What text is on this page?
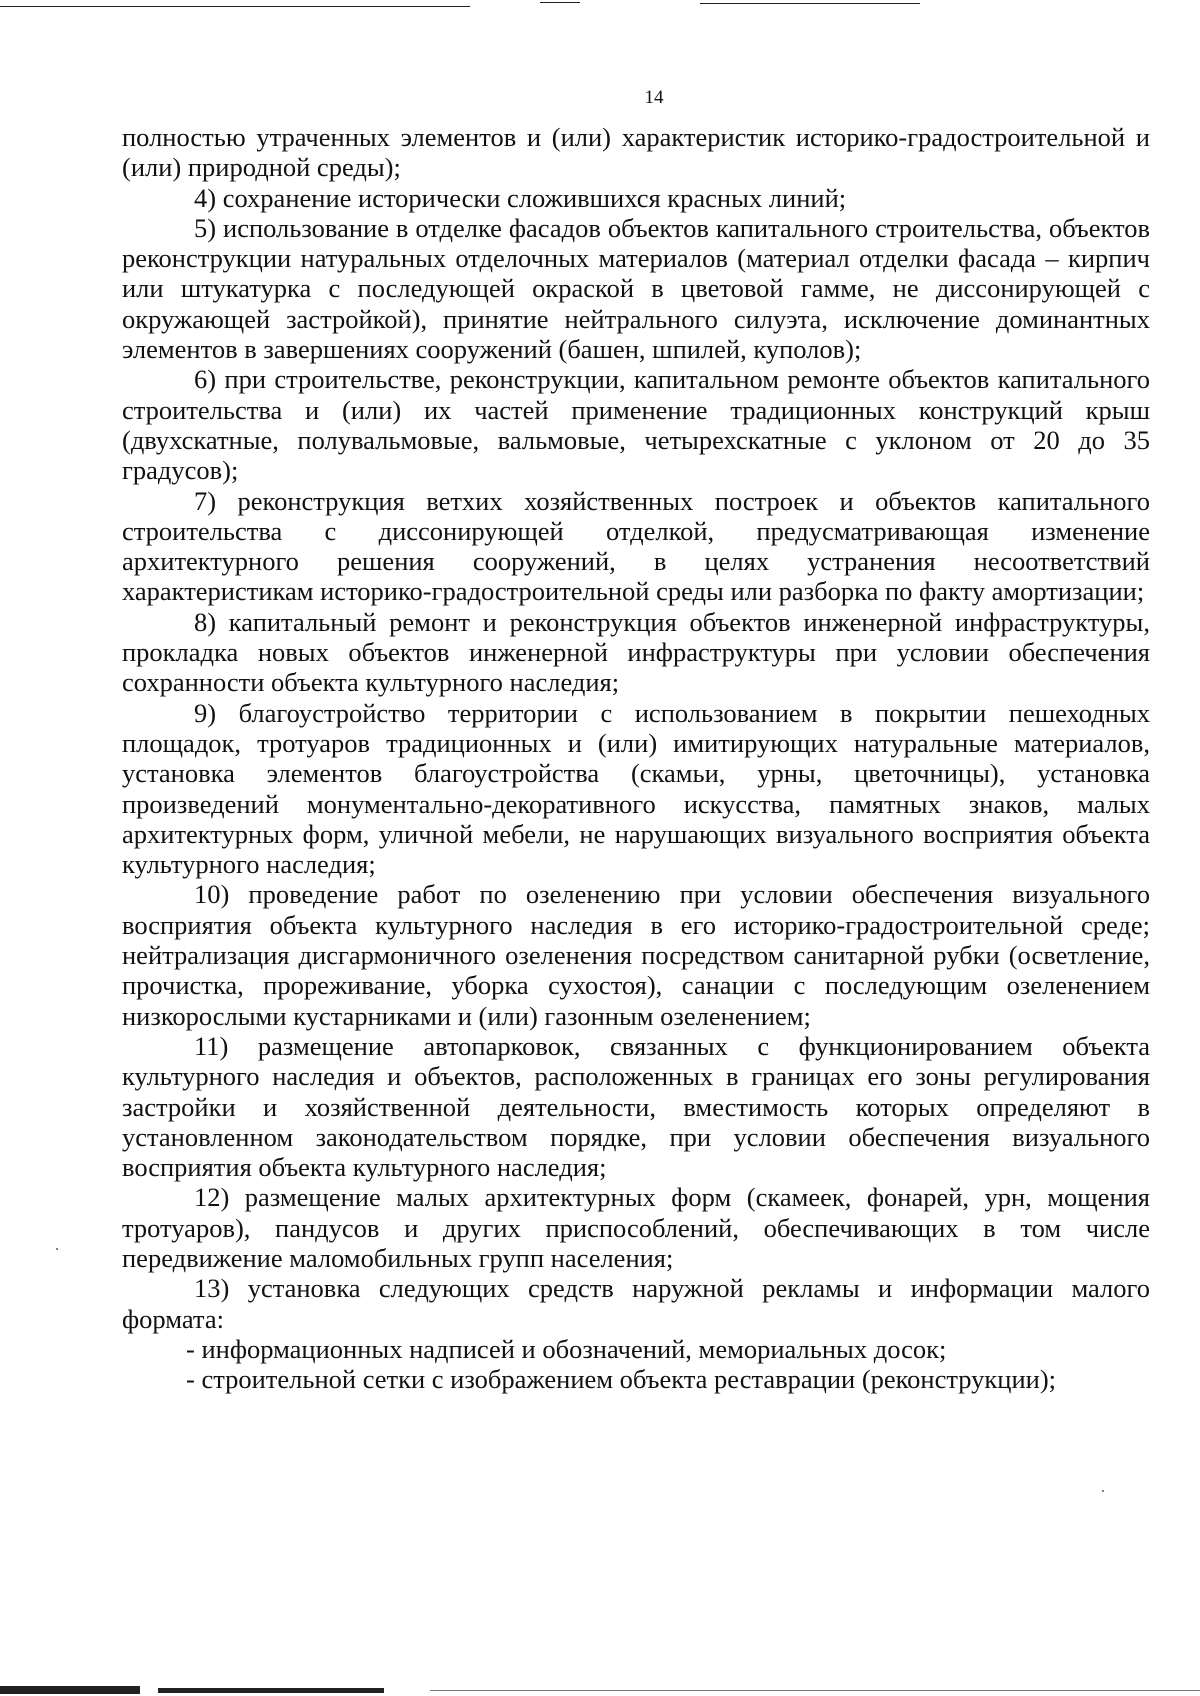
14

полностью утраченных элементов и (или) характеристик историко-градостроительной и (или) природной среды);

4) сохранение исторически сложившихся красных линий;

5) использование в отделке фасадов объектов капитального строительства, объектов реконструкции натуральных отделочных материалов (материал отделки фасада – кирпич или штукатурка с последующей окраской в цветовой гамме, не диссонирующей с окружающей застройкой), принятие нейтрального силуэта, исключение доминантных элементов в завершениях сооружений (башен, шпилей, куполов);

6) при строительстве, реконструкции, капитальном ремонте объектов капитального строительства и (или) их частей применение традиционных конструкций крыш (двухскатные, полувальмовые, вальмовые, четырехскатные с уклоном от 20 до 35 градусов);

7) реконструкция ветхих хозяйственных построек и объектов капитального строительства с диссонирующей отделкой, предусматривающая изменение архитектурного решения сооружений, в целях устранения несоответствий характеристикам историко-градостроительной среды или разборка по факту амортизации;

8) капитальный ремонт и реконструкция объектов инженерной инфраструктуры, прокладка новых объектов инженерной инфраструктуры при условии обеспечения сохранности объекта культурного наследия;

9) благоустройство территории с использованием в покрытии пешеходных площадок, тротуаров традиционных и (или) имитирующих натуральные материалов, установка элементов благоустройства (скамьи, урны, цветочницы), установка произведений монументально-декоративного искусства, памятных знаков, малых архитектурных форм, уличной мебели, не нарушающих визуального восприятия объекта культурного наследия;

10) проведение работ по озеленению при условии обеспечения визуального восприятия объекта культурного наследия в его историко-градостроительной среде; нейтрализация дисгармоничного озеленения посредством санитарной рубки (осветление, прочистка, прореживание, уборка сухостоя), санации с последующим озеленением низкорослыми кустарниками и (или) газонным озеленением;

11) размещение автопарковок, связанных с функционированием объекта культурного наследия и объектов, расположенных в границах его зоны регулирования застройки и хозяйственной деятельности, вместимость которых определяют в установленном законодательством порядке, при условии обеспечения визуального восприятия объекта культурного наследия;

12) размещение малых архитектурных форм (скамеек, фонарей, урн, мощения тротуаров), пандусов и других приспособлений, обеспечивающих в том числе передвижение маломобильных групп населения;

13) установка следующих средств наружной рекламы и информации малого формата:

- информационных надписей и обозначений, мемориальных досок;

- строительной сетки с изображением объекта реставрации (реконструкции);
